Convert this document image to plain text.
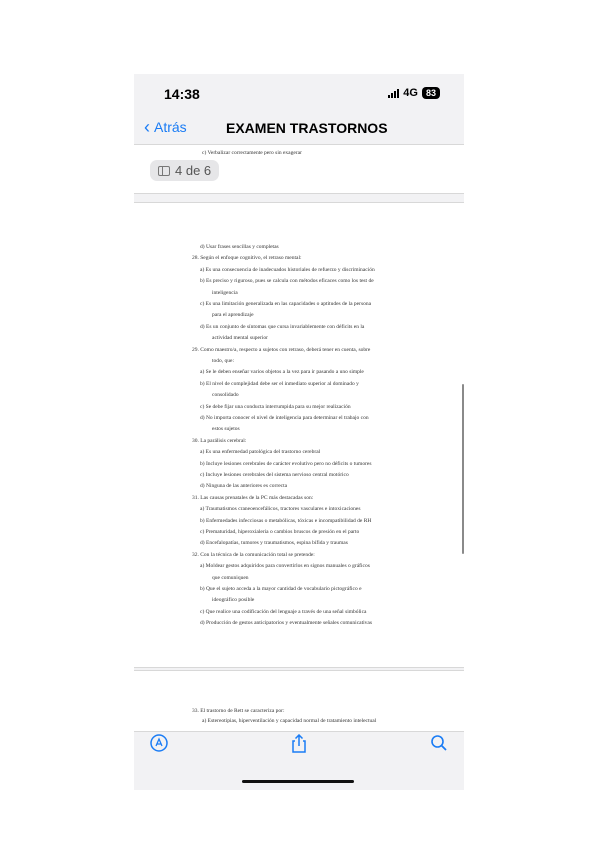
14:38	4G 83
‹ Atrás	EXAMEN TRASTORNOS
c) Verbalizar correctamente pero sin exagerar
4 de 6
d) Usar frases sencillas y completas
28. Según el enfoque cognitivo, el retraso mental:
a) Es una consecuencia de inadecuados historiales de refuerzo y discriminación
b) Es preciso y riguroso, pues se calcula con métodos eficaces como los test de
inteligencia
c) Es una limitación generalizada en las capacidades o aptitudes de la persona
para el aprendizaje
d) Es un conjunto de síntomas que cursa invariablemente con déficits en la
actividad mental superior
29. Como maestro/a, respecto a sujetos con retraso, deberá tener en cuenta, sobre
todo, que:
a) Se le deben enseñar varios objetos a la vez para ir pasando a uno simple
b) El nivel de complejidad debe ser el inmediato superior al dominado y
consolidado
c) Se debe fijar una conducta interrumpida para su mejor realización
d) No importa conocer el nivel de inteligencia para determinar el trabajo con
estos sujetos
30. La parálisis cerebral:
a) Es una enfermedad patológica del trastorno cerebral
b) Incluye lesiones cerebrales de carácter evolutivo pero no déficits o tumores
c) Incluye lesiones cerebrales del sistema nervioso central motórico
d) Ninguna de las anteriores es correcta
31. Las causas prenatales de la PC más destacadas son:
a) Traumatismos craneoencefálicos, tractores vasculares e intoxicaciones
b) Enfermedades infecciosas o metabólicas, tóxicas e incompatibilidad de RH
c) Prematuridad, hiperoxialeria o cambios bruscos de presión en el parto
d) Encefalopatías, tumores y traumatismos, espina bífida y traumas
32. Con la técnica de la comunicación total se pretende:
a) Moldear gestos adquiridos para convertirlos en signos manuales o gráficos
que comuniquen
b) Que el sujeto acceda a la mayor cantidad de vocabulario pictográfico e
ideográfico posible
c) Que realice una codificación del lenguaje a través de una señal simbólica
d) Producción de gestos anticipatorios y eventualmente señales comunicativas
33. El trastorno de Rett se caracteriza por:
a) Estereotipias, hiperventilación y capacidad normal de tratamiento intelectual
